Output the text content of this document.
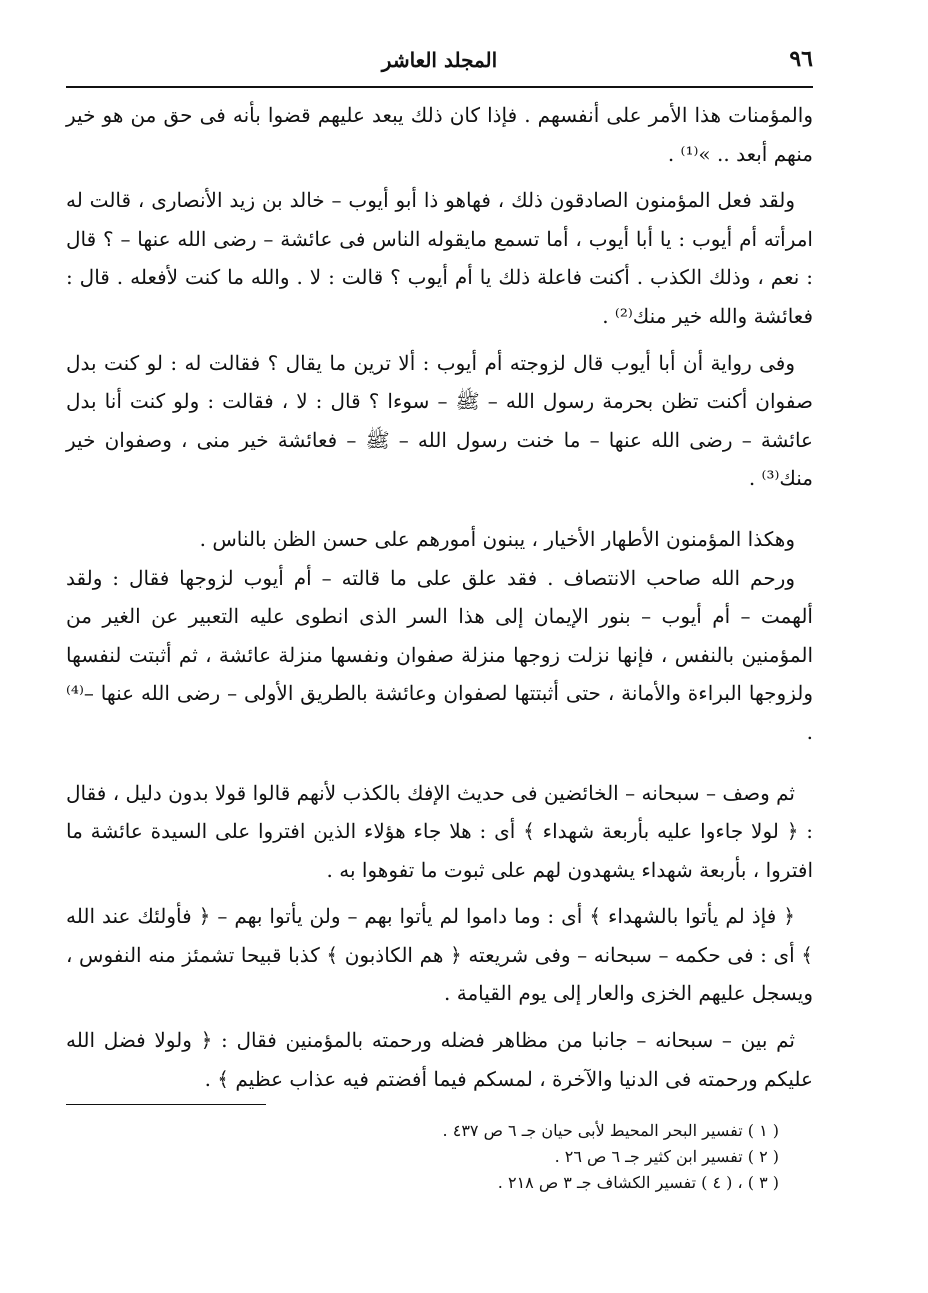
٩٦
المجلد العاشر

والمؤمنات هذا الأمر على أنفسهم . فإذا كان ذلك يبعد عليهم قضوا بأنه فى حق من هو خير منهم أبعد .. »⁽¹⁾ .

ولقد فعل المؤمنون الصادقون ذلك ، فهاهو ذا أبو أيوب – خالد بن زيد الأنصارى ، قالت له امرأته أم أيوب : يا أبا أيوب ، أما تسمع مايقوله الناس فى عائشة – رضى الله عنها – ؟ قال : نعم ، وذلك الكذب . أكنت فاعلة ذلك يا أم أيوب ؟ قالت : لا . والله ما كنت لأفعله . قال : فعائشة والله خير منك⁽²⁾ .

وفى رواية أن أبا أيوب قال لزوجته أم أيوب : ألا ترين ما يقال ؟ فقالت له : لو كنت بدل صفوان أكنت تظن بحرمة رسول الله – ﷺ – سوءا ؟ قال : لا ، فقالت : ولو كنت أنا بدل عائشة – رضى الله عنها – ما خنت رسول الله – ﷺ – فعائشة خير منى ، وصفوان خير منك⁽³⁾ .

وهكذا المؤمنون الأطهار الأخيار ، يبنون أمورهم على حسن الظن بالناس .

ورحم الله صاحب الانتصاف . فقد علق على ما قالته – أم أيوب لزوجها فقال : ولقد ألهمت – أم أيوب – بنور الإيمان إلى هذا السر الذى انطوى عليه التعبير عن الغير من المؤمنين بالنفس ، فإنها نزلت زوجها منزلة صفوان ونفسها منزلة عائشة ، ثم أثبتت لنفسها ولزوجها البراءة والأمانة ، حتى أثبتتها لصفوان وعائشة بالطريق الأولى – رضى الله عنها –⁽⁴⁾ .

ثم وصف – سبحانه – الخائضين فى حديث الإفك بالكذب لأنهم قالوا قولا بدون دليل ، فقال : ﴿ لولا جاءوا عليه بأربعة شهداء ﴾ أى : هلا جاء هؤلاء الذين افتروا على السيدة عائشة ما افتروا ، بأربعة شهداء يشهدون لهم على ثبوت ما تفوهوا به .

﴿ فإذ لم يأتوا بالشهداء ﴾ أى : وما داموا لم يأتوا بهم – ولن يأتوا بهم – ﴿ فأولئك عند الله ﴾ أى : فى حكمه – سبحانه – وفى شريعته ﴿ هم الكاذبون ﴾ كذبا قبيحا تشمئز منه النفوس ، ويسجل عليهم الخزى والعار إلى يوم القيامة .

ثم بين – سبحانه – جانبا من مظاهر فضله ورحمته بالمؤمنين فقال : ﴿ ولولا فضل الله عليكم ورحمته فى الدنيا والآخرة ، لمسكم فيما أفضتم فيه عذاب عظيم ﴾ .

( ١ ) تفسير البحر المحيط لأبى حيان جـ ٦ ص ٤٣٧ .
( ٢ ) تفسير ابن كثير جـ ٦ ص ٢٦ .
( ٣ ) ، ( ٤ ) تفسير الكشاف جـ ٣ ص ٢١٨ .
